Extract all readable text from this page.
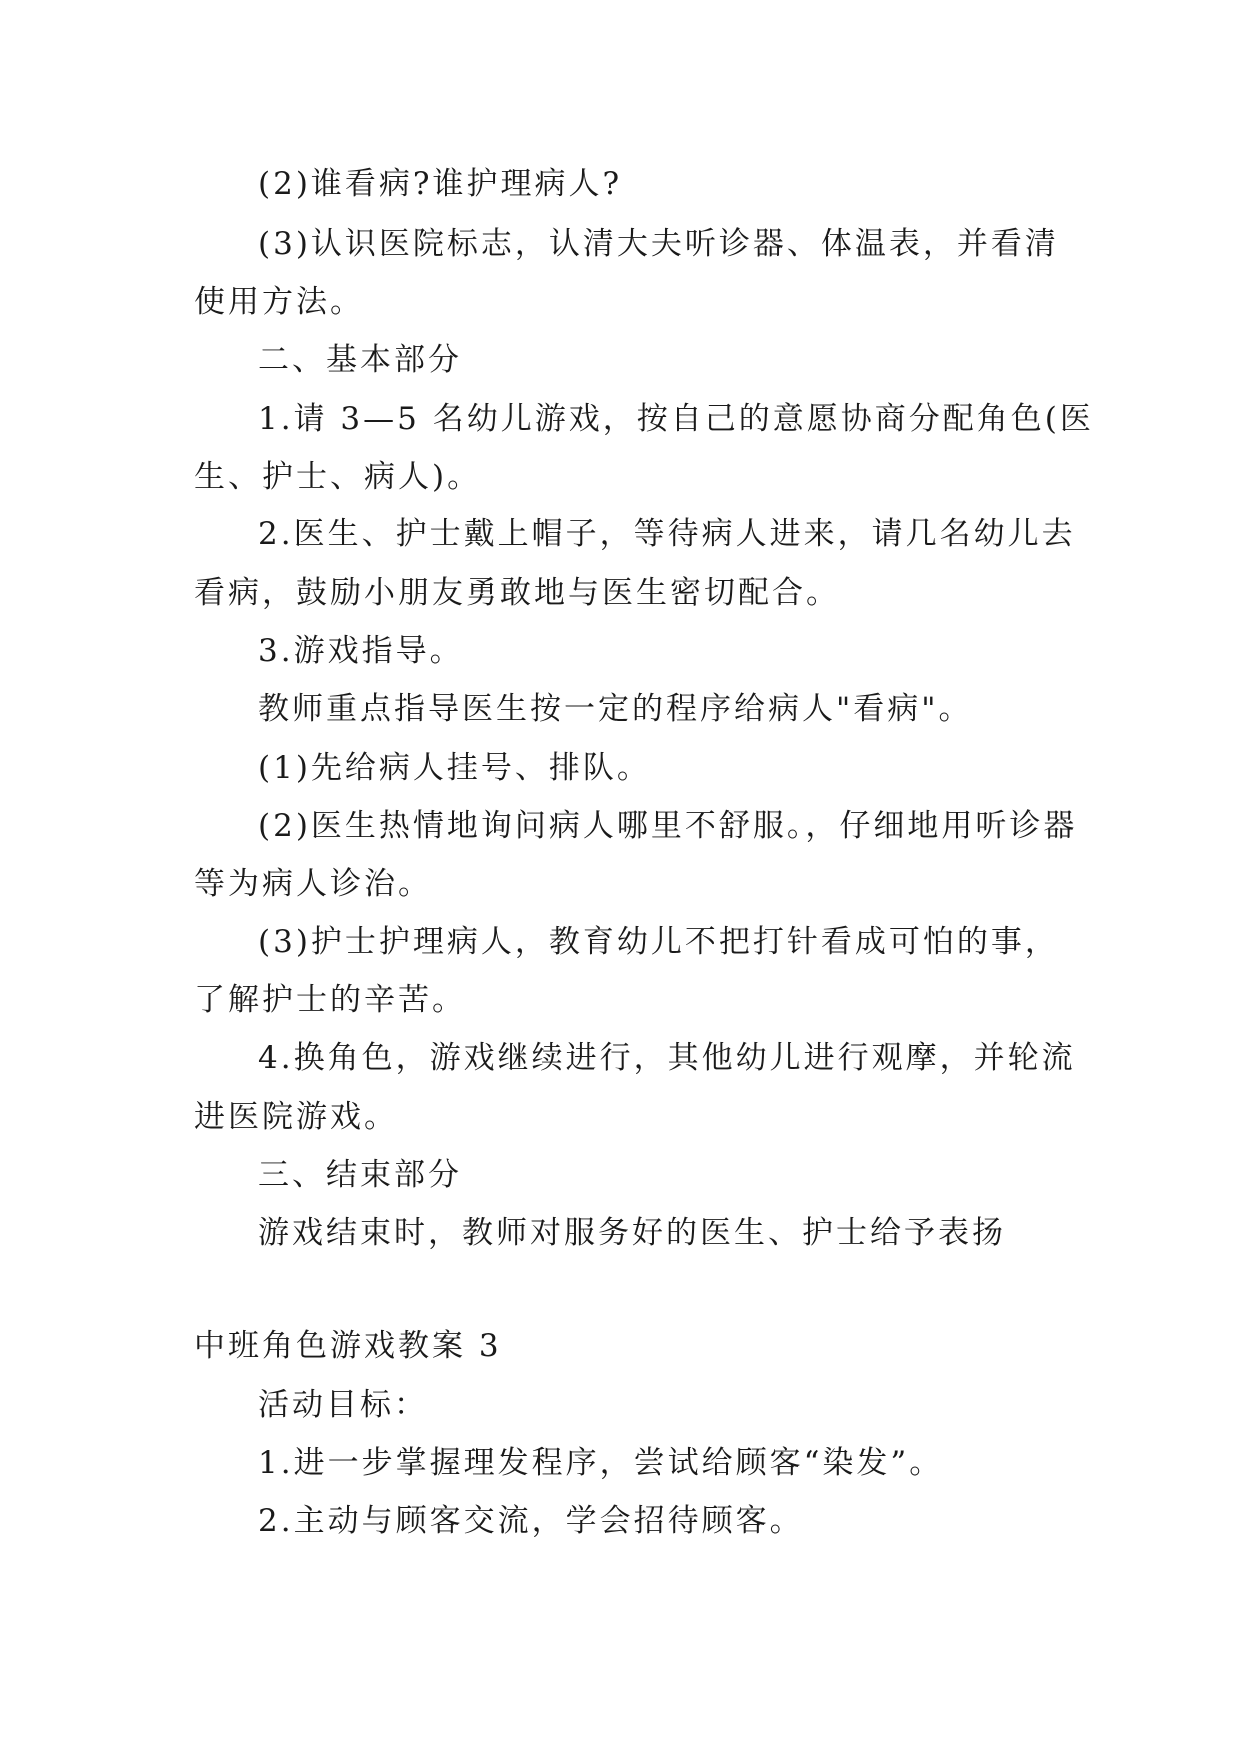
(2)谁看病?谁护理病人?
(3)认识医院标志，认清大夫听诊器、体温表，并看清
使用方法。
二、基本部分
1.请 3—5 名幼儿游戏，按自己的意愿协商分配角色(医
生、护士、病人)。
2.医生、护士戴上帽子，等待病人进来，请几名幼儿去
看病，鼓励小朋友勇敢地与医生密切配合。
3.游戏指导。
教师重点指导医生按一定的程序给病人"看病"。
(1)先给病人挂号、排队。
(2)医生热情地询问病人哪里不舒服。，仔细地用听诊器
等为病人诊治。
(3)护士护理病人，教育幼儿不把打针看成可怕的事，
了解护士的辛苦。
4.换角色，游戏继续进行，其他幼儿进行观摩，并轮流
进医院游戏。
三、结束部分
游戏结束时，教师对服务好的医生、护士给予表扬
中班角色游戏教案 3
活动目标：
1.进一步掌握理发程序，尝试给顾客“染发”。
2.主动与顾客交流，学会招待顾客。
